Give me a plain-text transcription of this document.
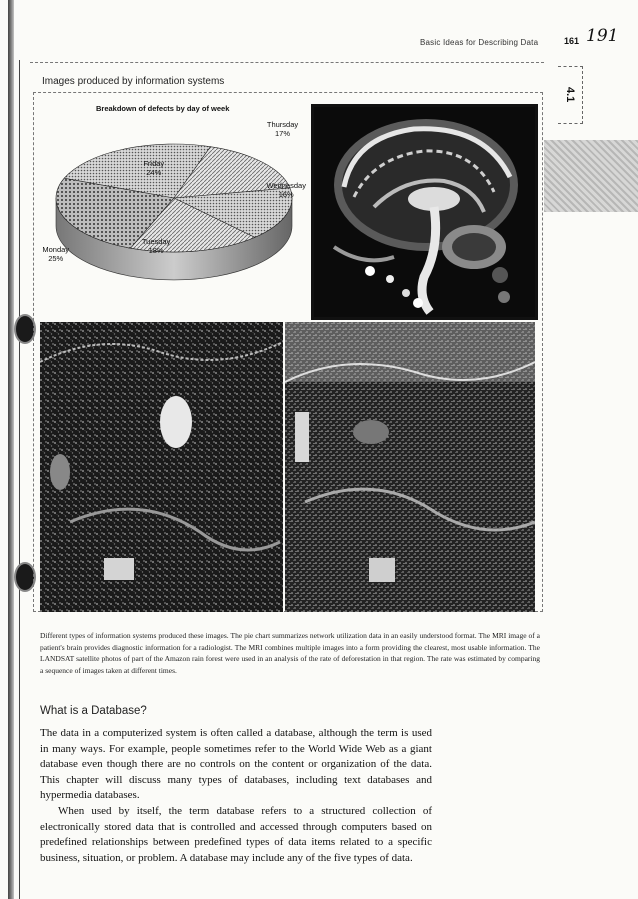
Basic Ideas for Describing Data	161 191
4.1
Images produced by information systems
Breakdown of defects by day of week
Monday
25%
Tuesday
18%
Wednesday
16%
Thursday
17%
Friday
24%
Different types of information systems produced these images. The pie chart summarizes network utilization data in an easily understood format. The MRI image of a patient's brain provides diagnostic information for a radiologist. The MRI combines multiple images into a form providing the clearest, most usable information. The LANDSAT satellite photos of part of the Amazon rain forest were used in an analysis of the rate of deforestation in that region. The rate was estimated by comparing a sequence of images taken at different times.
What is a Database?

The data in a computerized system is often called a database, although the term is used in many ways. For example, people sometimes refer to the World Wide Web as a giant database even though there are no controls on the content or organization of the data. This chapter will discuss many types of databases, including text databases and hypermedia databases.

When used by itself, the term database refers to a structured collection of electronically stored data that is controlled and accessed through computers based on predefined relationships between predefined types of data items related to a specific business, situation, or problem. A database may include any of the five types of data.
